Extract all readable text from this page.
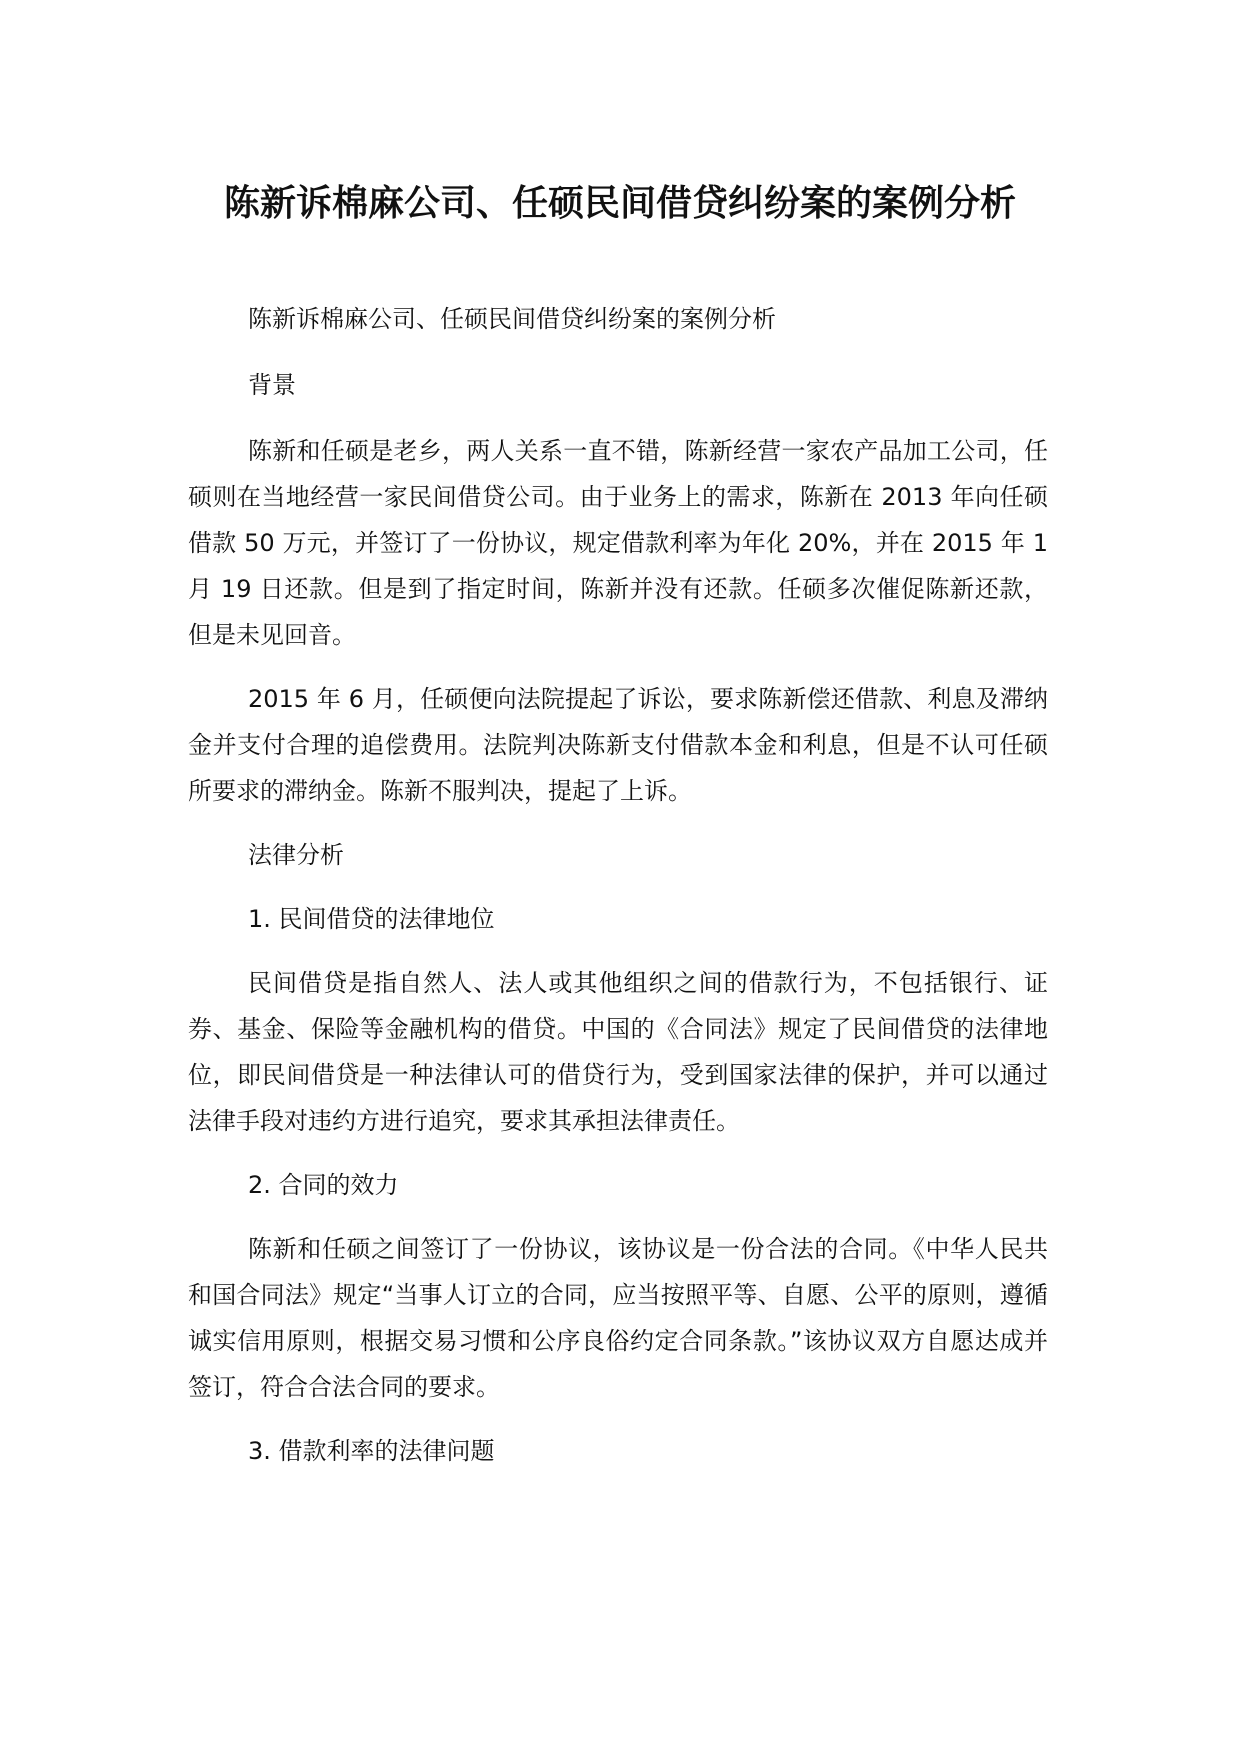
陈新诉棉麻公司、任硕民间借贷纠纷案的案例分析

陈新诉棉麻公司、任硕民间借贷纠纷案的案例分析

背景

陈新和任硕是老乡，两人关系一直不错，陈新经营一家农产品加工公司，任硕则在当地经营一家民间借贷公司。由于业务上的需求，陈新在 2013 年向任硕借款 50 万元，并签订了一份协议，规定借款利率为年化 20%，并在 2015 年 1 月 19 日还款。但是到了指定时间，陈新并没有还款。任硕多次催促陈新还款，但是未见回音。

2015 年 6 月，任硕便向法院提起了诉讼，要求陈新偿还借款、利息及滞纳金并支付合理的追偿费用。法院判决陈新支付借款本金和利息，但是不认可任硕所要求的滞纳金。陈新不服判决，提起了上诉。

法律分析

1. 民间借贷的法律地位

民间借贷是指自然人、法人或其他组织之间的借款行为，不包括银行、证券、基金、保险等金融机构的借贷。中国的《合同法》规定了民间借贷的法律地位，即民间借贷是一种法律认可的借贷行为，受到国家法律的保护，并可以通过法律手段对违约方进行追究，要求其承担法律责任。

2. 合同的效力

陈新和任硕之间签订了一份协议，该协议是一份合法的合同。《中华人民共和国合同法》规定“当事人订立的合同，应当按照平等、自愿、公平的原则，遵循诚实信用原则，根据交易习惯和公序良俗约定合同条款。”该协议双方自愿达成并签订，符合合法合同的要求。

3. 借款利率的法律问题
